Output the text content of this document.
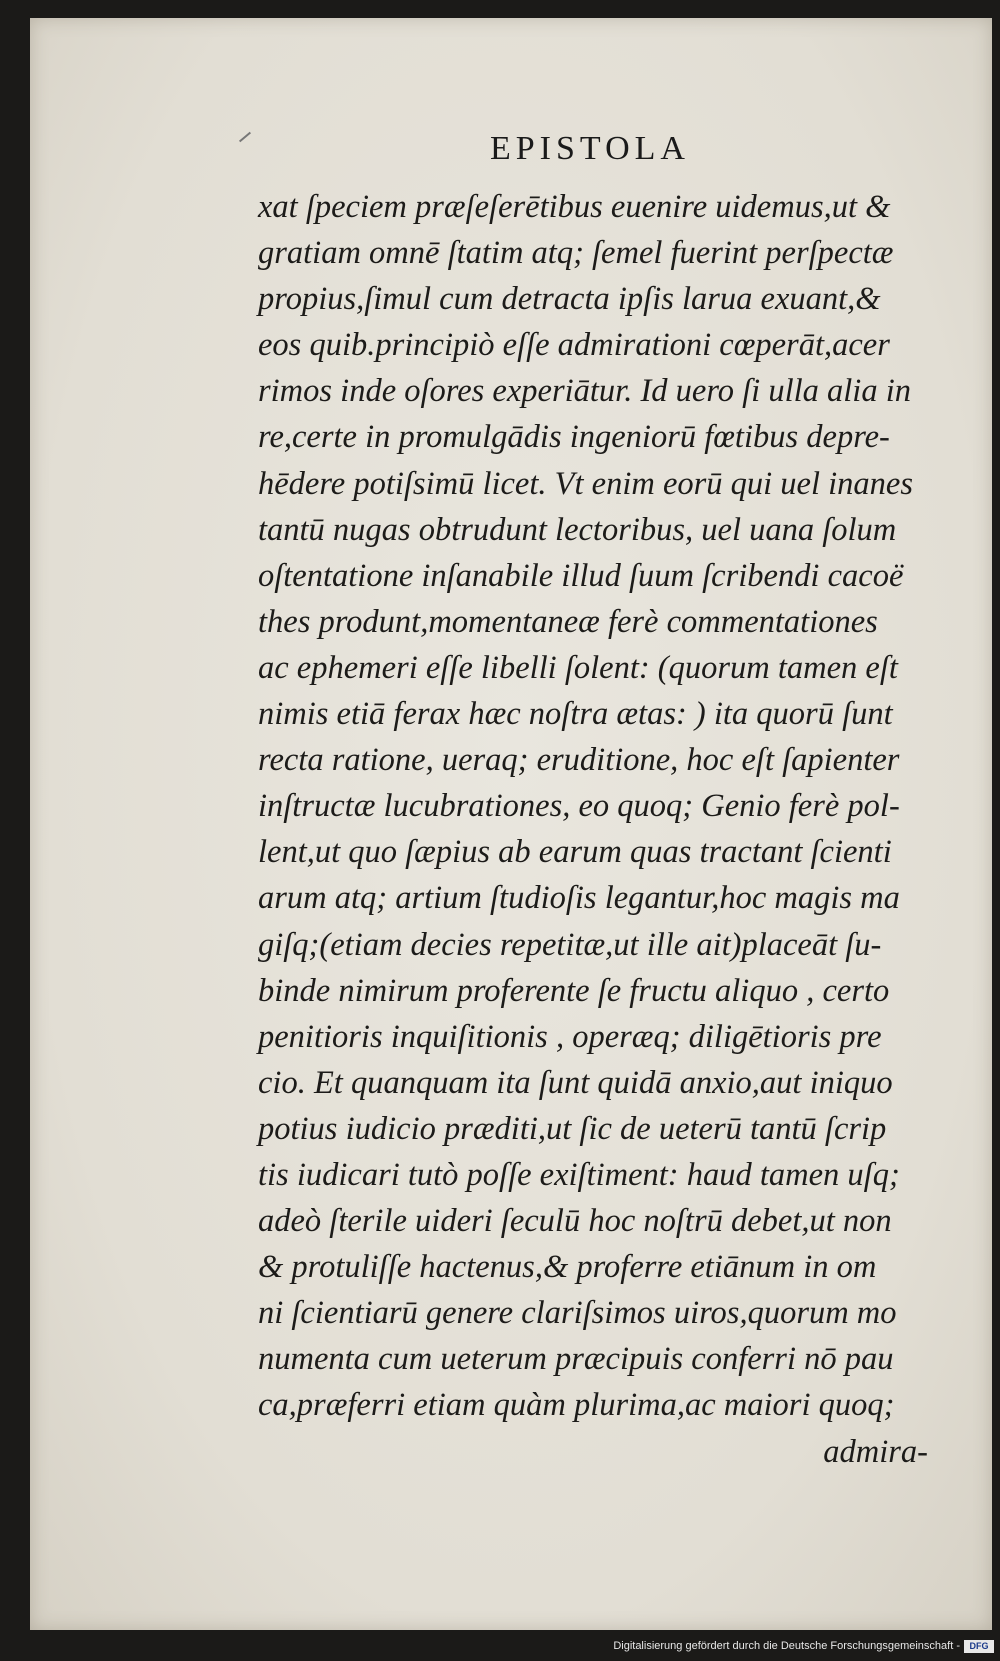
EPISTOLA
xat ſpeciem præſeſerētibus euenire uidemus,ut &
gratiam omnē ſtatim atq; ſemel fuerint perſpectæ
propius,ſimul cum detracta ipſis larua exuant,&
eos quib.principiò eſſe admirationi cœperāt,acer
rimos inde oſores experiātur. Id uero ſi ulla alia in
re,certe in promulgādis ingeniorū fœtibus depre-
hēdere potiſsimū licet. Vt enim eorū qui uel inanes
tantū nugas obtrudunt lectoribus, uel uana ſolum
oſtentatione inſanabile illud ſuum ſcribendi cacoë
thes produnt,momentaneæ ferè commentationes
ac ephemeri eſſe libelli ſolent: (quorum tamen eſt
nimis etiā ferax hæc noſtra ætas: ) ita quorū ſunt
recta ratione, ueraq; eruditione, hoc eſt ſapienter
inſtructæ lucubrationes, eo quoq; Genio ferè pol-
lent,ut quo ſæpius ab earum quas tractant ſcienti
arum atq; artium ſtudioſis legantur,hoc magis ma
giſq;(etiam decies repetitæ,ut ille ait)placeāt ſu-
binde nimirum proferente ſe fructu aliquo , certo
penitioris inquiſitionis , operæq; diligētioris pre
cio. Et quanquam ita ſunt quidā anxio,aut iniquo
potius iudicio præditi,ut ſic de ueterū tantū ſcrip
tis iudicari tutò poſſe exiſtiment: haud tamen uſq;
adeò ſterile uideri ſeculū hoc noſtrū debet,ut non
& protuliſſe hactenus,& proferre etiānum in om
ni ſcientiarū genere clariſsimos uiros,quorum mo
numenta cum ueterum præcipuis conferri nō pau
ca,præferri etiam quàm plurima,ac maiori quoq;
admira-
Digitalisierung gefördert durch die Deutsche Forschungsgemeinschaft -	DFG
